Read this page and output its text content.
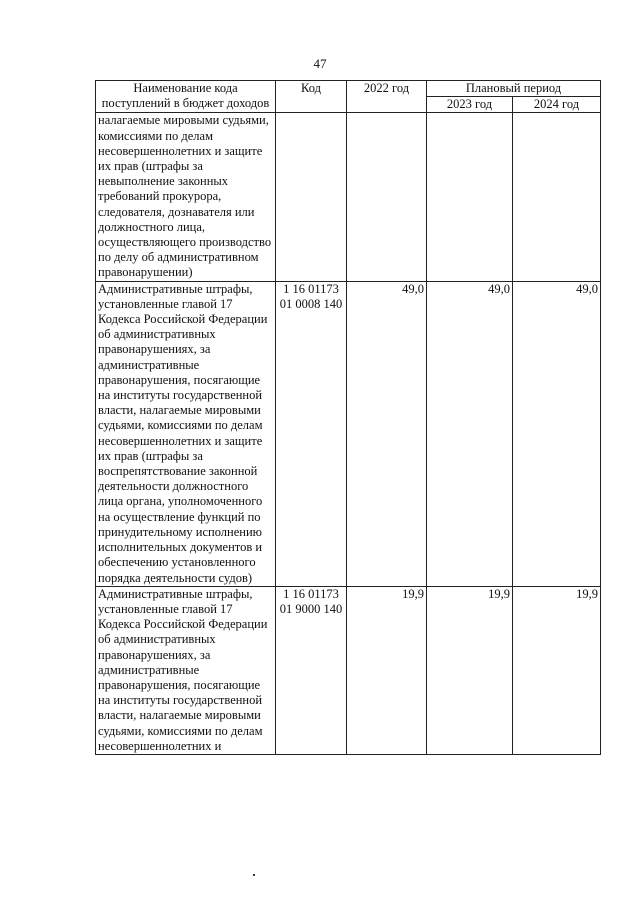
47
Наименование кода поступлений в бюджет доходов	Код	2022 год	Плановый период	
			2023 год	2024 год
налагаемые мировыми судьями, комиссиями по делам несовершеннолетних и защите их прав (штрафы за невыполнение законных требований прокурора, следователя, дознавателя или должностного лица, осуществляющего производство по делу об административном правонарушении)				
Административные штрафы, установленные главой 17 Кодекса Российской Федерации об административных правонарушениях, за административные правонарушения, посягающие на институты государственной власти, налагаемые мировыми судьями, комиссиями по делам несовершеннолетних и защите их прав (штрафы за воспрепятствование законной деятельности должностного лица органа, уполномоченного на осуществление функций по принудительному исполнению исполнительных документов и обеспечению установленного порядка деятельности судов)	1 16 01173 01 0008 140	49,0	49,0	49,0
Административные штрафы, установленные главой 17 Кодекса Российской Федерации об административных правонарушениях, за административные правонарушения, посягающие на институты государственной власти, налагаемые мировыми судьями, комиссиями по делам несовершеннолетних и	1 16 01173 01 9000 140	19,9	19,9	19,9
